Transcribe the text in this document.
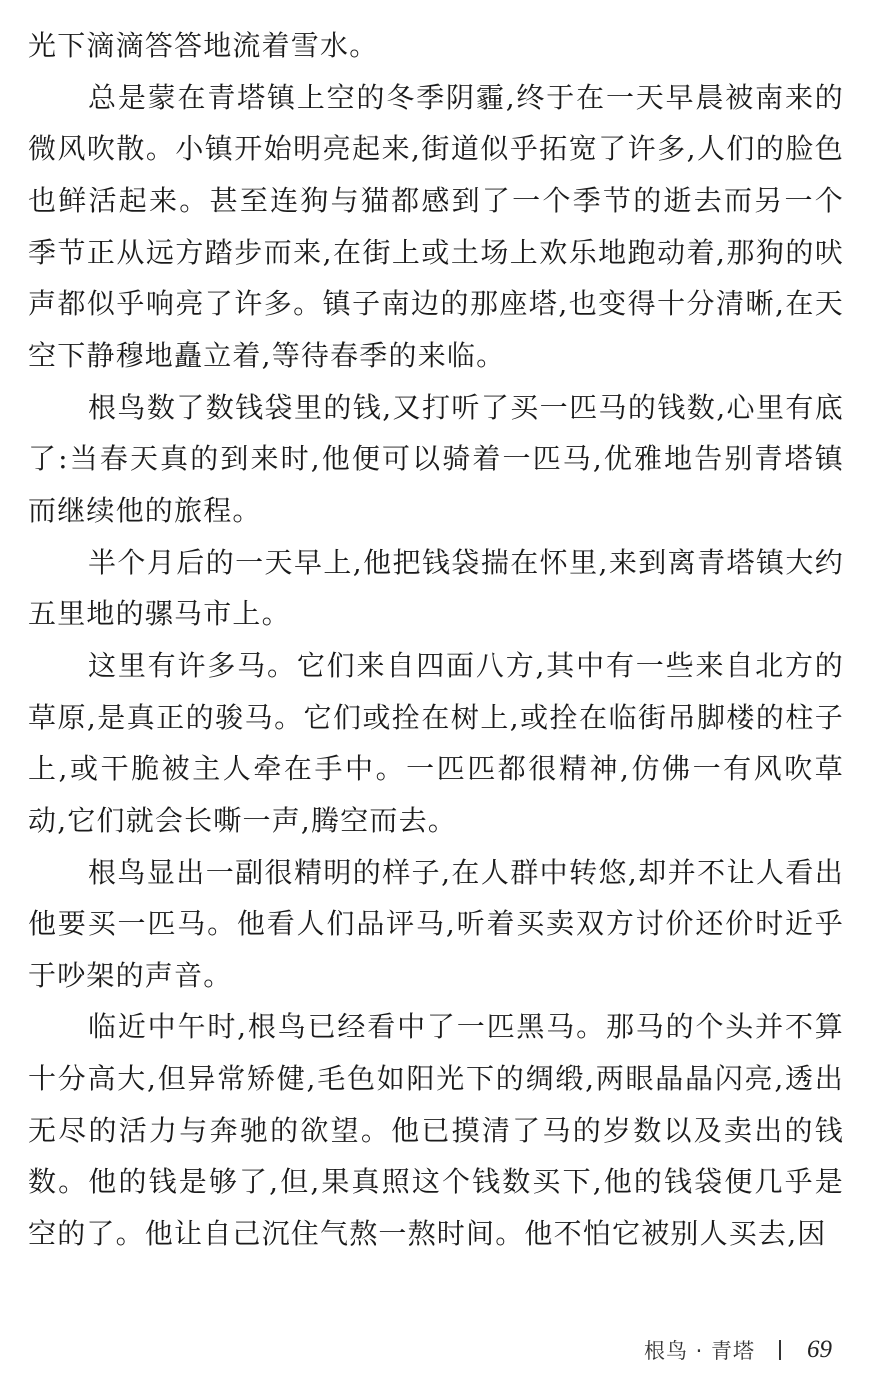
光下滴滴答答地流着雪水。

总是蒙在青塔镇上空的冬季阴霾,终于在一天早晨被南来的微风吹散。小镇开始明亮起来,街道似乎拓宽了许多,人们的脸色也鲜活起来。甚至连狗与猫都感到了一个季节的逝去而另一个季节正从远方踏步而来,在街上或土场上欢乐地跑动着,那狗的吠声都似乎响亮了许多。镇子南边的那座塔,也变得十分清晰,在天空下静穆地矗立着,等待春季的来临。

根鸟数了数钱袋里的钱,又打听了买一匹马的钱数,心里有底了:当春天真的到来时,他便可以骑着一匹马,优雅地告别青塔镇而继续他的旅程。

半个月后的一天早上,他把钱袋揣在怀里,来到离青塔镇大约五里地的骡马市上。

这里有许多马。它们来自四面八方,其中有一些来自北方的草原,是真正的骏马。它们或拴在树上,或拴在临街吊脚楼的柱子上,或干脆被主人牵在手中。一匹匹都很精神,仿佛一有风吹草动,它们就会长嘶一声,腾空而去。

根鸟显出一副很精明的样子,在人群中转悠,却并不让人看出他要买一匹马。他看人们品评马,听着买卖双方讨价还价时近乎于吵架的声音。

临近中午时,根鸟已经看中了一匹黑马。那马的个头并不算十分高大,但异常矫健,毛色如阳光下的绸缎,两眼晶晶闪亮,透出无尽的活力与奔驰的欲望。他已摸清了马的岁数以及卖出的钱数。他的钱是够了,但,果真照这个钱数买下,他的钱袋便几乎是空的了。他让自己沉住气熬一熬时间。他不怕它被别人买去,因

根鸟 · 青塔 69
